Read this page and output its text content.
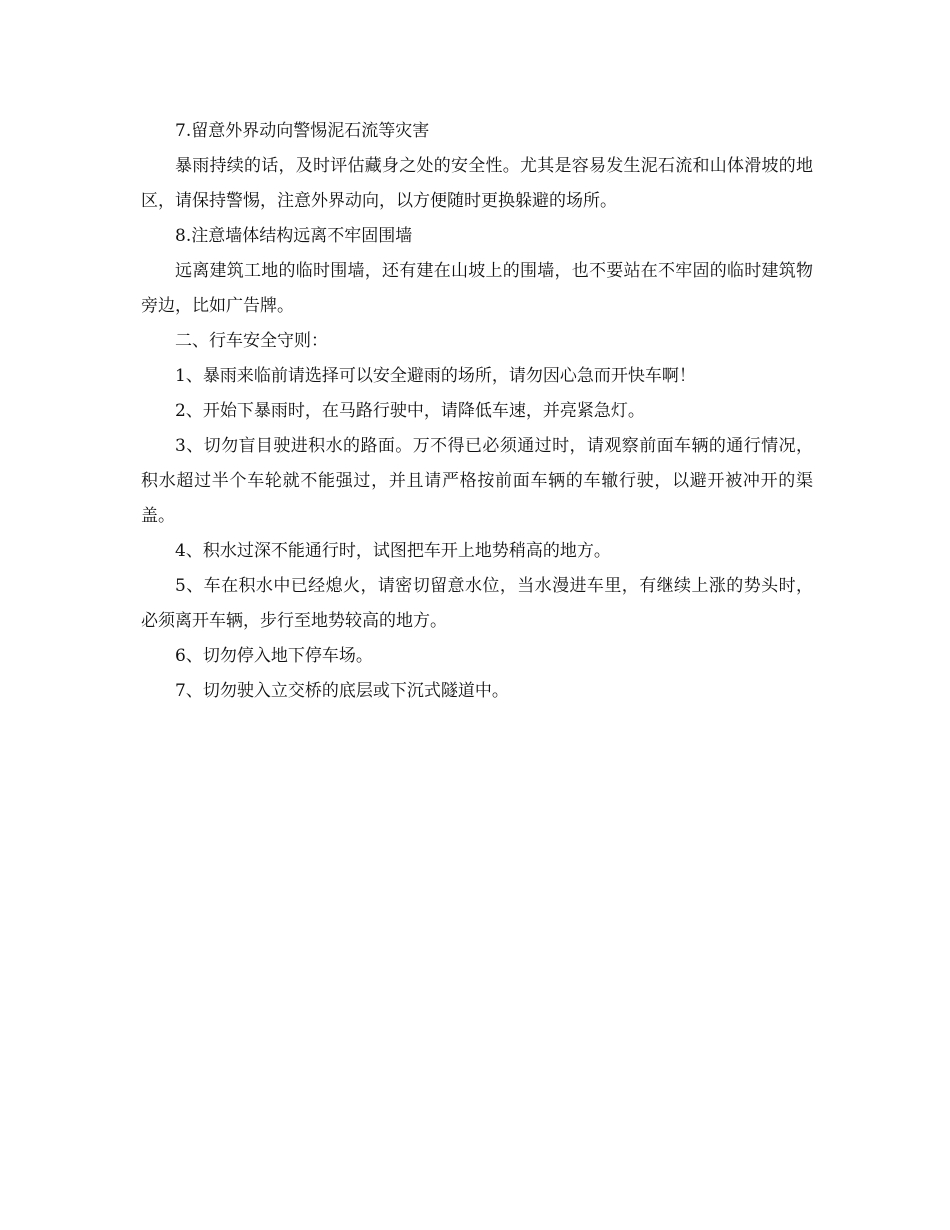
7.留意外界动向警惕泥石流等灾害

暴雨持续的话，及时评估藏身之处的安全性。尤其是容易发生泥石流和山体滑坡的地区，请保持警惕，注意外界动向，以方便随时更换躲避的场所。

8.注意墙体结构远离不牢固围墙

远离建筑工地的临时围墙，还有建在山坡上的围墙，也不要站在不牢固的临时建筑物旁边，比如广告牌。

二、行车安全守则：

1、暴雨来临前请选择可以安全避雨的场所，请勿因心急而开快车啊！

2、开始下暴雨时，在马路行驶中，请降低车速，并亮紧急灯。

3、切勿盲目驶进积水的路面。万不得已必须通过时，请观察前面车辆的通行情况，积水超过半个车轮就不能强过，并且请严格按前面车辆的车辙行驶，以避开被冲开的渠盖。

4、积水过深不能通行时，试图把车开上地势稍高的地方。

5、车在积水中已经熄火，请密切留意水位，当水漫进车里，有继续上涨的势头时，必须离开车辆，步行至地势较高的地方。

6、切勿停入地下停车场。

7、切勿驶入立交桥的底层或下沉式隧道中。
